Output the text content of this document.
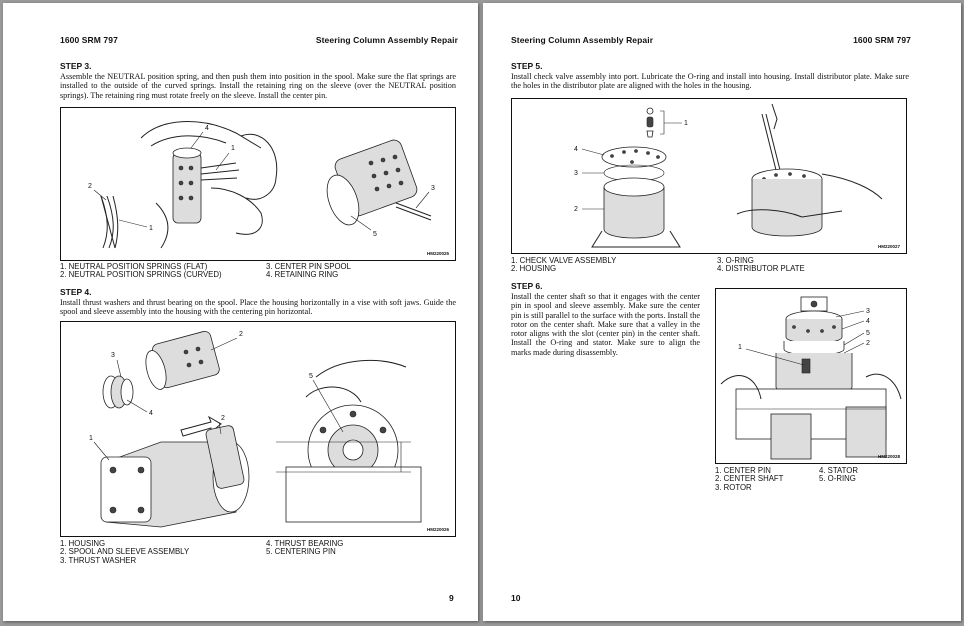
1600 SRM 797	Steering Column Assembly Repair
STEP 3.

Assemble the NEUTRAL position spring, and then push them into position in the spool. Make sure the flat springs are installed to the outside of the curved springs. Install the retaining ring on the sleeve (over the NEUTRAL position springs). The retaining ring must rotate freely on the sleeve. Install the center pin.

4
1
2
1
3
5
HM220025
1. NEUTRAL POSITION SPRINGS (FLAT)
2. NEUTRAL POSITION SPRINGS (CURVED)
3. CENTER PIN SPOOL
4. RETAINING RING
STEP 4.

Install thrust washers and thrust bearing on the spool. Place the housing horizontally in a vise with soft jaws. Guide the spool and sleeve assembly into the housing with the centering pin horizontal.

2
3
4
2
1
5
HM220026
1. HOUSING
2. SPOOL AND SLEEVE ASSEMBLY
3. THRUST WASHER
4. THRUST BEARING
5. CENTERING PIN
9
Steering Column Assembly Repair	1600 SRM 797
STEP 5.

Install check valve assembly into port. Lubricate the O-ring and install into housing. Install distributor plate. Make sure the holes in the distributor plate are aligned with the holes in the housing.

1
4
3
2
HM220027
1. CHECK VALVE ASSEMBLY
2. HOUSING
3. O-RING
4. DISTRIBUTOR PLATE
STEP 6.

Install the center shaft so that it engages with the center pin in spool and sleeve assembly. Make sure the center pin is still parallel to the surface with the ports. Install the rotor on the center shaft. Make sure that a valley in the rotor aligns with the slot (center pin) in the center shaft. Install the O-ring and stator. Make sure to align the marks made during disassembly.

3
4
5
2
1
HM220028
1. CENTER PIN
2. CENTER SHAFT
3. ROTOR
4. STATOR
5. O-RING
10
